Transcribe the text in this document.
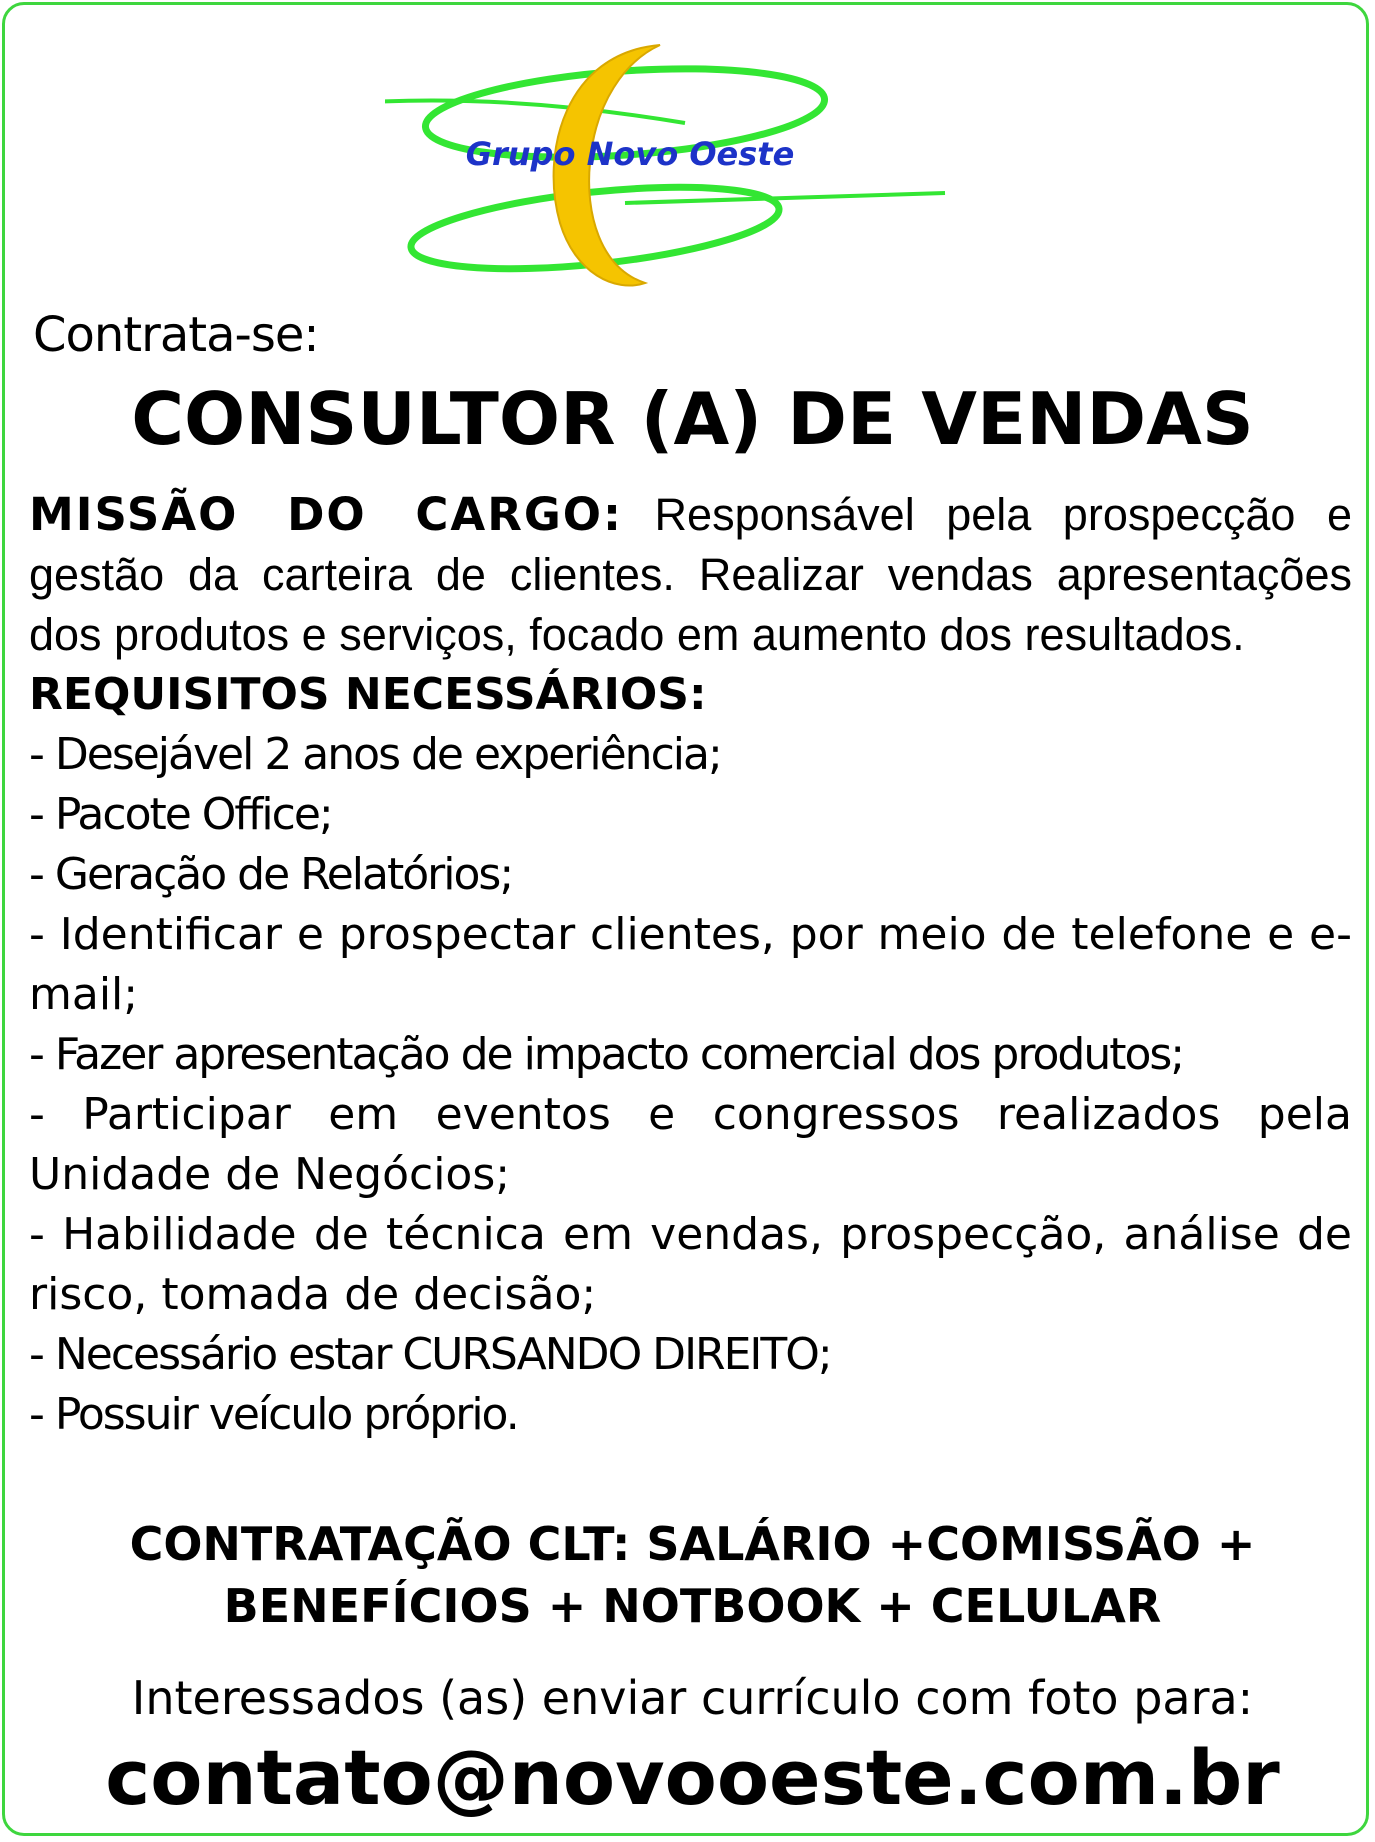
Grupo Novo Oeste
Contrata-se:
CONSULTOR (A) DE VENDAS

MISSÃO DO CARGO: Responsável pela prospecção e gestão da carteira de clientes. Realizar vendas apresentações dos produtos e serviços, focado em aumento dos resultados.

REQUISITOS NECESSÁRIOS:

- Desejável 2 anos de experiência;
- Pacote Office;
- Geração de Relatórios;
- Identificar e prospectar clientes, por meio de telefone e e-mail;
- Fazer apresentação de impacto comercial dos produtos;
- Participar em eventos e congressos realizados pela Unidade de Negócios;
- Habilidade de técnica em vendas, prospecção, análise de risco, tomada de decisão;
- Necessário estar CURSANDO DIREITO;
- Possuir veículo próprio.
CONTRATAÇÃO CLT: SALÁRIO +COMISSÃO +
BENEFÍCIOS + NOTBOOK + CELULAR
Interessados (as) enviar currículo com foto para:
contato@novooeste.com.br
